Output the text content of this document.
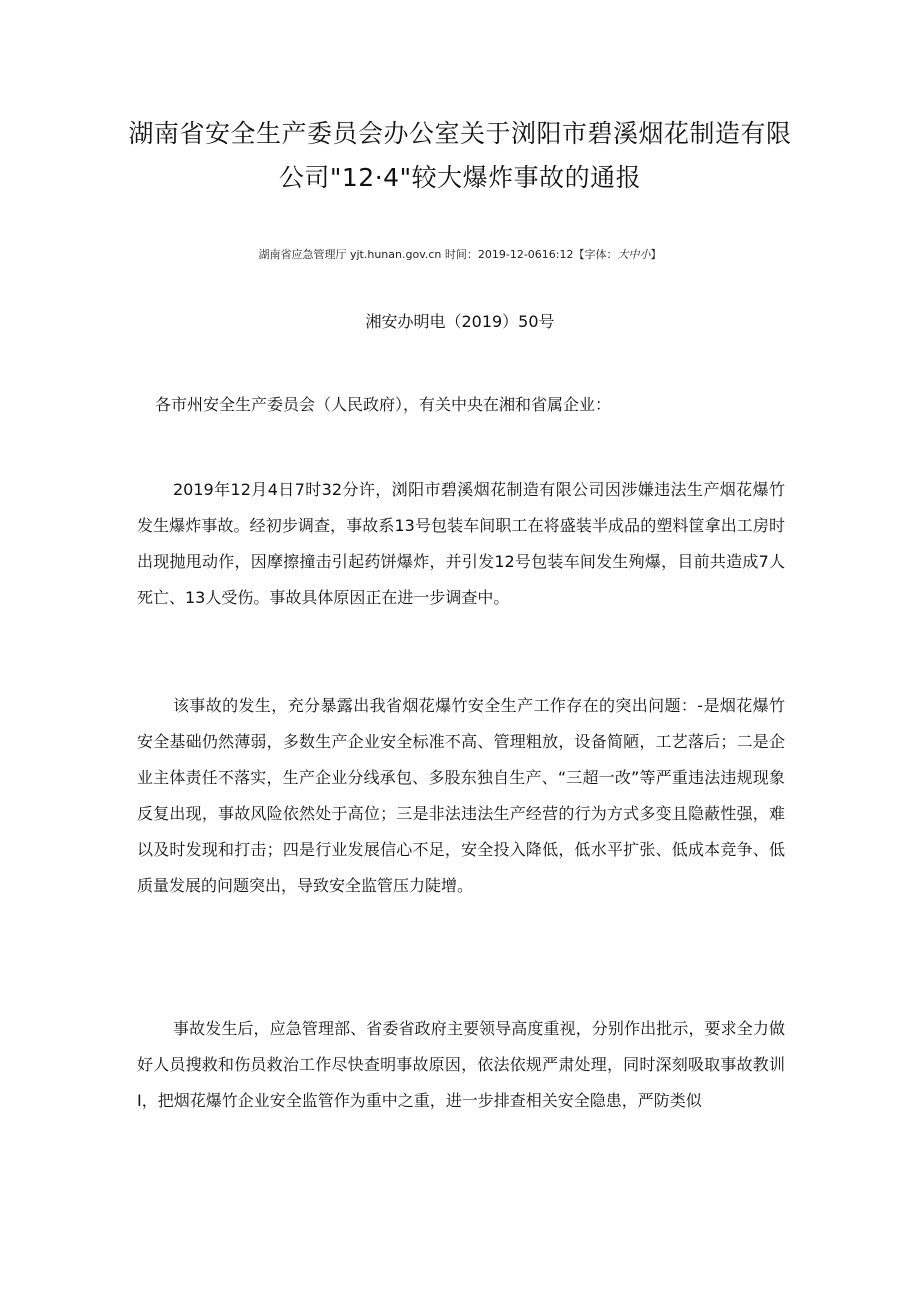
湖南省安全生产委员会办公室关于浏阳市碧溪烟花制造有限
公司"12·4"较大爆炸事故的通报
湖南省应急管理厅 yjt.hunan.gov.cn 时间：2019-12-0616:12【字体：大中小】
湘安办明电（2019）50号
各市州安全生产委员会（人民政府），有关中央在湘和省属企业：

2019年12月4日7时32分许，浏阳市碧溪烟花制造有限公司因涉嫌违法生产烟花爆竹发生爆炸事故。经初步调查，事故系13号包装车间职工在将盛装半成品的塑料筐拿出工房时出现抛甩动作，因摩擦撞击引起药饼爆炸，并引发12号包装车间发生殉爆，目前共造成7人死亡、13人受伤。事故具体原因正在进一步调查中。

该事故的发生，充分暴露出我省烟花爆竹安全生产工作存在的突出问题：-是烟花爆竹安全基础仍然薄弱，多数生产企业安全标准不高、管理粗放，设备简陋，工艺落后；二是企业主体责任不落实，生产企业分线承包、多股东独自生产、“三超一改”等严重违法违规现象反复出现，事故风险依然处于高位；三是非法违法生产经营的行为方式多变且隐蔽性强，难以及时发现和打击；四是行业发展信心不足，安全投入降低，低水平扩张、低成本竞争、低质量发展的问题突出，导致安全监管压力陡增。

事故发生后，应急管理部、省委省政府主要领导高度重视，分别作出批示，要求全力做好人员搜救和伤员救治工作尽快查明事故原因，依法依规严肃处理，同时深刻吸取事故教训I，把烟花爆竹企业安全监管作为重中之重，进一步排查相关安全隐患，严防类似
